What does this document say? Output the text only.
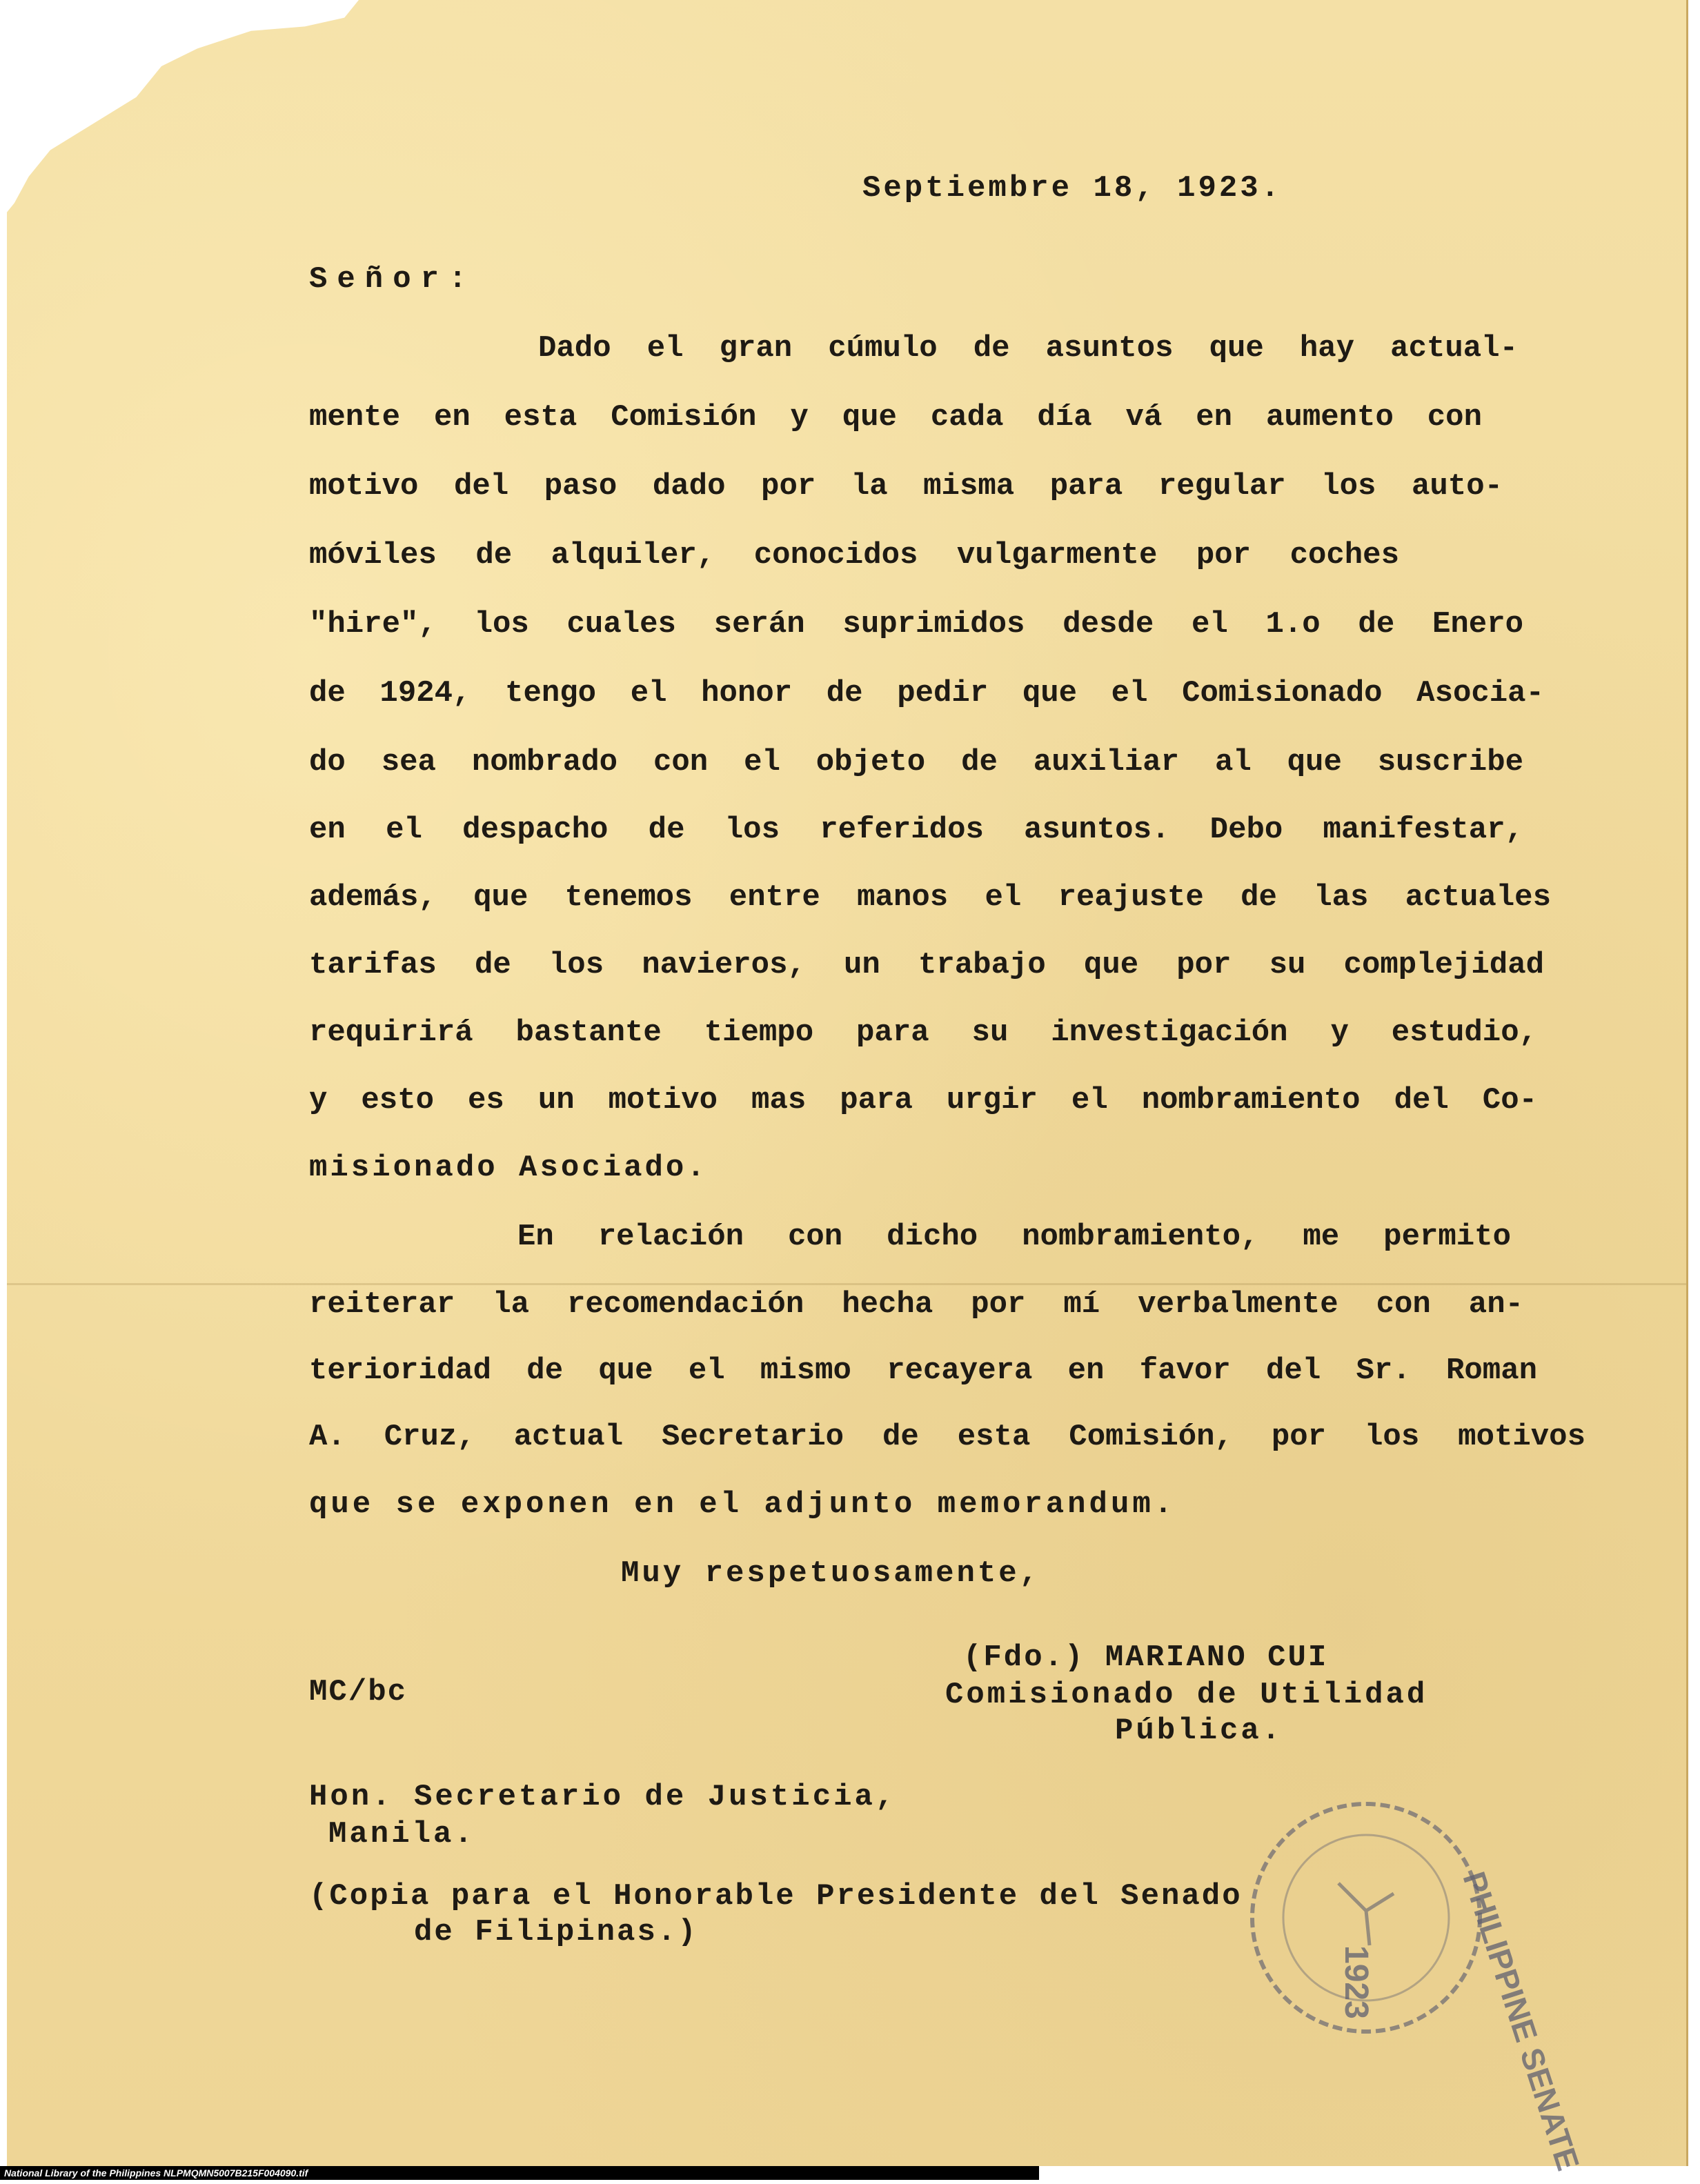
Septiembre 18, 1923.
Señor:
Dado el gran cúmulo de asuntos que hay actual-
mente en esta Comisión y que cada día vá en aumento con
motivo del paso dado por la misma para regular los auto-
móviles de alquiler, conocidos vulgarmente por coches
"hire", los cuales serán suprimidos desde el 1.o de Enero
de 1924, tengo el honor de pedir que el Comisionado Asocia-
do sea nombrado con el objeto de auxiliar al que suscribe
en el despacho de los referidos asuntos. Debo manifestar,
además, que tenemos entre manos el reajuste de las actuales
tarifas de los navieros, un trabajo que por su complejidad
requirirá bastante tiempo para su investigación y estudio,
y esto es un motivo mas para urgir el nombramiento del Co-
misionado Asociado.
En relación con dicho nombramiento, me permito
reiterar la recomendación hecha por mí verbalmente con an-
terioridad de que el mismo recayera en favor del Sr. Roman
A. Cruz, actual Secretario de esta Comisión, por los motivos
que se exponen en el adjunto memorandum.
Muy respetuosamente,
(Fdo.) MARIANO CUI
Comisionado de Utilidad
Pública.
MC/bc
Hon. Secretario de Justicia,
Manila.
(Copia para el Honorable Presidente del Senado
de Filipinas.)	PHILIPPINE SENATE
1923
National Library of the Philippines NLPMQMN5007B215F004090.tif
